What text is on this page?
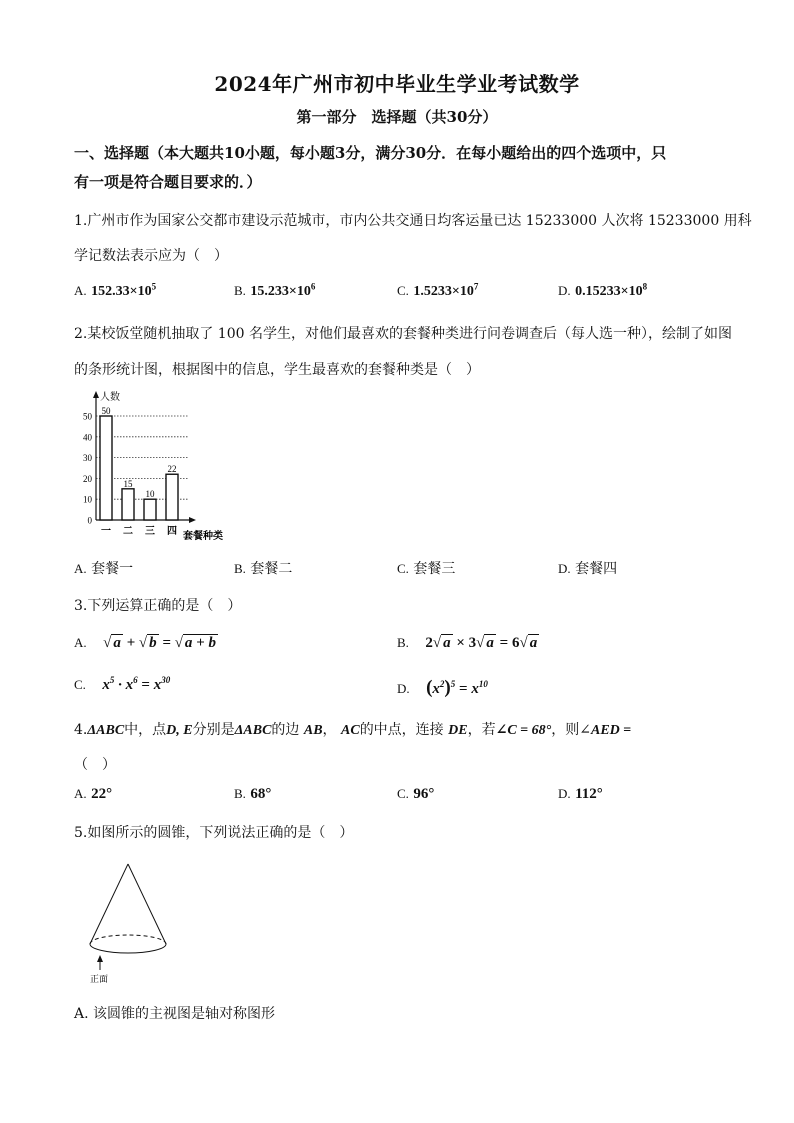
2024年广州市初中毕业生学业考试数学
第一部分　选择题（共30分）
一、选择题（本大题共10小题，每小题3分，满分30分．在每小题给出的四个选项中，只
有一项是符合题目要求的．）
1.广州市作为国家公交都市建设示范城市，市内公共交通日均客运量已达 15233000 人次将 15233000 用科
学记数法表示应为（　）
A. $152.33\times 10^5$	B. $15.233\times 10^6$	C. $1.5233\times 10^7$	D. $0.15233\times 10^8$
2.某校饭堂随机抽取了 100 名学生，对他们最喜欢的套餐种类进行问卷调查后（每人选一种），绘制了如图
的条形统计图，根据图中的信息，学生最喜欢的套餐种类是（　）
人数
套餐种类
0
10
20
30
40
50
一 二 三 四
50
15
10
22
A. 套餐一	B. 套餐二	C. 套餐三	D. 套餐四
3.下列运算正确的是（　）
A. √ a + √ b = √ a + b	B. 2√ a × 3√ a = 6√ a
C. $x^5 \cdot x^6 = x^{30}$
D. $(x^2)^5 = x^{10}$
4.ΔABC中，点D, E分别是ΔABC的边 AB， AC的中点，连接 DE，若∠C = 68°，则∠AED =
（　）
A. 22°	B. 68°	C. 96°	D. 112°
5.如图所示的圆锥，下列说法正确的是（　）
正面
A. 该圆锥的主视图是轴对称图形
